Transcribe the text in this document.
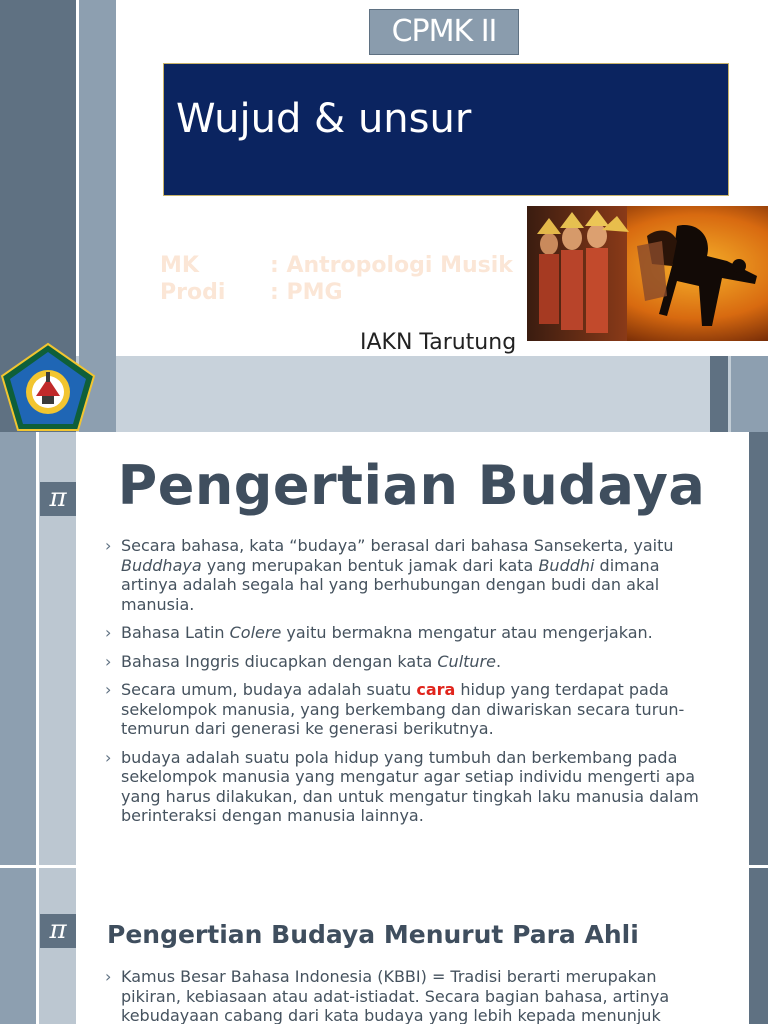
CPMK II
Wujud & unsur kebudayaan
MK	: Antropologi Musik
Prodi : PMG
IAKN Tarutung
π Pengertian Budaya
› Secara bahasa, kata “budaya” berasal dari bahasa Sansekerta, yaitu Buddhaya yang merupakan bentuk jamak dari kata Buddhi dimana artinya adalah segala hal yang berhubungan dengan budi dan akal manusia.
› Bahasa Latin Colere yaitu bermakna mengatur atau mengerjakan.
› Bahasa Inggris diucapkan dengan kata Culture.
› Secara umum, budaya adalah suatu cara hidup yang terdapat pada sekelompok manusia, yang berkembang dan diwariskan secara turun-temurun dari generasi ke generasi berikutnya.
› budaya adalah suatu pola hidup yang tumbuh dan berkembang pada sekelompok manusia yang mengatur agar setiap individu mengerti apa yang harus dilakukan, dan untuk mengatur tingkah laku manusia dalam berinteraksi dengan manusia lainnya.
π	Pengertian Budaya Menurut Para Ahli
› Kamus Besar Bahasa Indonesia (KBBI) = Tradisi berarti merupakan pikiran, kebiasaan atau adat-istiadat. Secara bagian bahasa, artinya kebudayaan cabang dari kata budaya yang lebih kepada menunjuk
